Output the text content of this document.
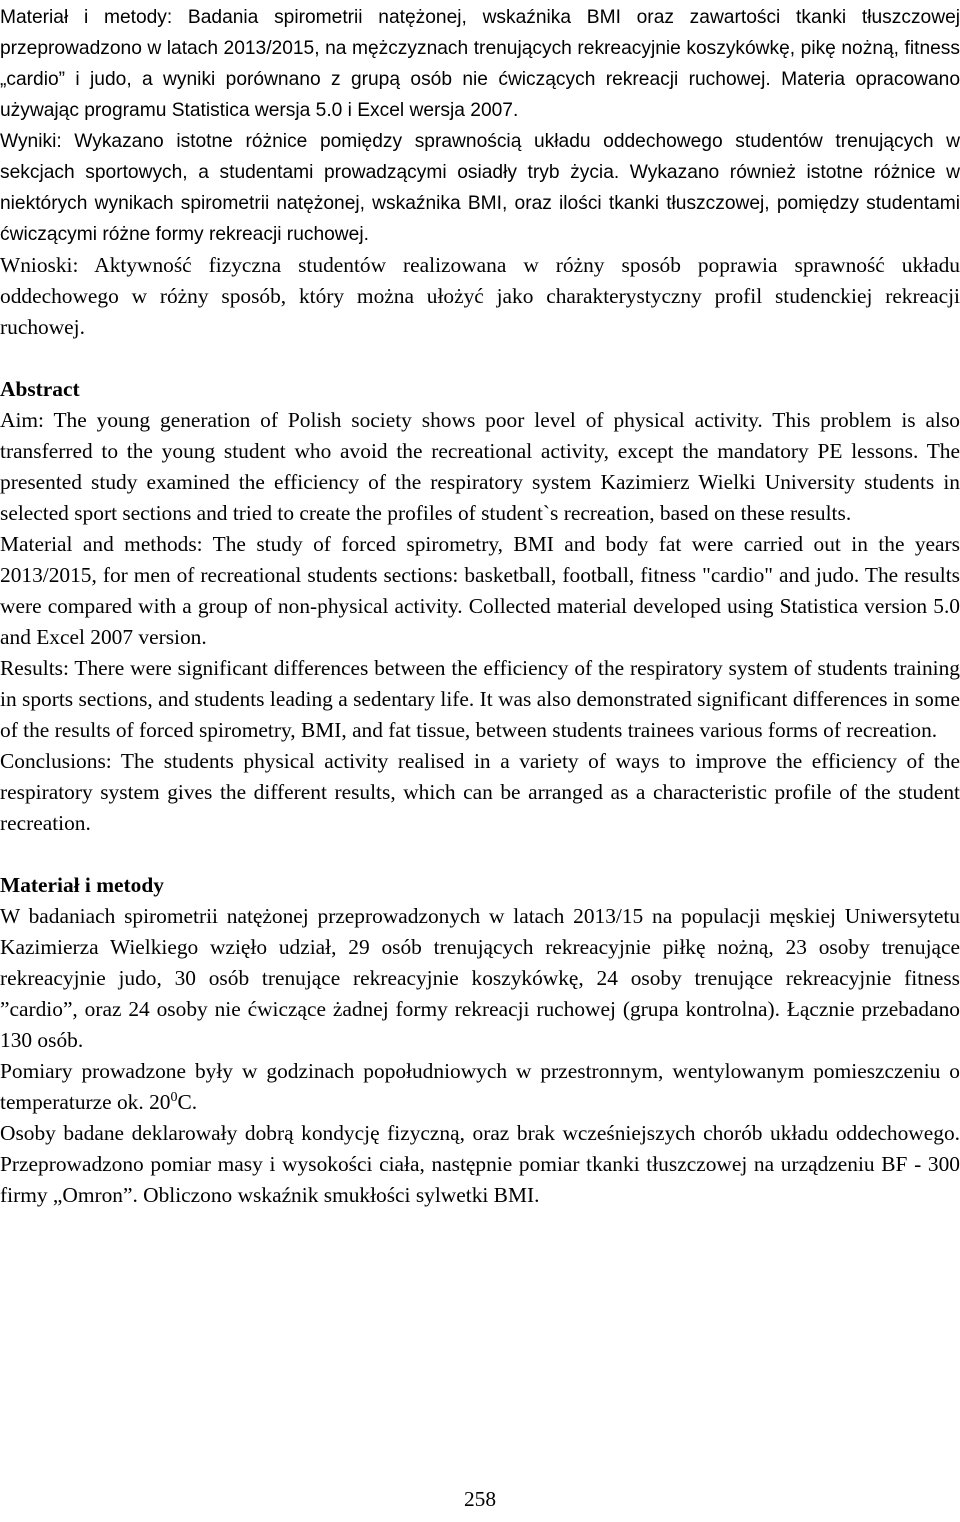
Materiał i metody: Badania spirometrii natężonej, wskaźnika BMI oraz zawartości tkanki tłuszczowej przeprowadzono w latach 2013/2015, na mężczyznach trenujących rekreacyjnie koszykówkę, pikę nożną, fitness „cardio” i judo, a wyniki porównano z grupą osób nie ćwiczących rekreacji ruchowej. Materia opracowano używając programu Statistica wersja 5.0 i Excel wersja 2007.

Wyniki: Wykazano istotne różnice pomiędzy sprawnością układu oddechowego studentów trenujących w sekcjach sportowych, a studentami prowadzącymi osiadły tryb życia. Wykazano również istotne różnice w niektórych wynikach spirometrii natężonej, wskaźnika BMI, oraz ilości tkanki tłuszczowej, pomiędzy studentami ćwiczącymi różne formy rekreacji ruchowej.

Wnioski: Aktywność fizyczna studentów realizowana w różny sposób poprawia sprawność układu oddechowego w różny sposób, który można ułożyć jako charakterystyczny profil studenckiej rekreacji ruchowej.

Abstract

Aim: The young generation of Polish society shows poor level of physical activity. This problem is also transferred to the young student who avoid the recreational activity, except the mandatory PE lessons. The presented study examined the efficiency of the respiratory system Kazimierz Wielki University students in selected sport sections and tried to create the profiles of student`s recreation, based on these results.

Material and methods: The study of forced spirometry, BMI and body fat were carried out in the years 2013/2015, for men of recreational students sections: basketball, football, fitness "cardio" and judo. The results were compared with a group of non-physical activity. Collected material developed using Statistica version 5.0 and Excel 2007 version.

Results: There were significant differences between the efficiency of the respiratory system of students training in sports sections, and students leading a sedentary life. It was also demonstrated significant differences in some of the results of forced spirometry, BMI, and fat tissue, between students trainees various forms of recreation.

Conclusions: The students physical activity realised in a variety of ways to improve the efficiency of the respiratory system gives the different results, which can be arranged as a characteristic profile of the student recreation.

Materiał i metody

W badaniach spirometrii natężonej przeprowadzonych w latach 2013/15 na populacji męskiej Uniwersytetu Kazimierza Wielkiego wzięło udział, 29 osób trenujących rekreacyjnie piłkę nożną, 23 osoby trenujące rekreacyjnie judo, 30 osób trenujące rekreacyjnie koszykówkę, 24 osoby trenujące rekreacyjnie fitness ”cardio”, oraz 24 osoby nie ćwiczące żadnej formy rekreacji ruchowej (grupa kontrolna). Łącznie przebadano 130 osób.

Pomiary prowadzone były w godzinach popołudniowych w przestronnym, wentylowanym pomieszczeniu o temperaturze ok. $20^0C$.

Osoby badane deklarowały dobrą kondycję fizyczną, oraz brak wcześniejszych chorób układu oddechowego. Przeprowadzono pomiar masy i wysokości ciała, następnie pomiar tkanki tłuszczowej na urządzeniu BF - 300 firmy „Omron”. Obliczono wskaźnik smukłości sylwetki BMI.

258
